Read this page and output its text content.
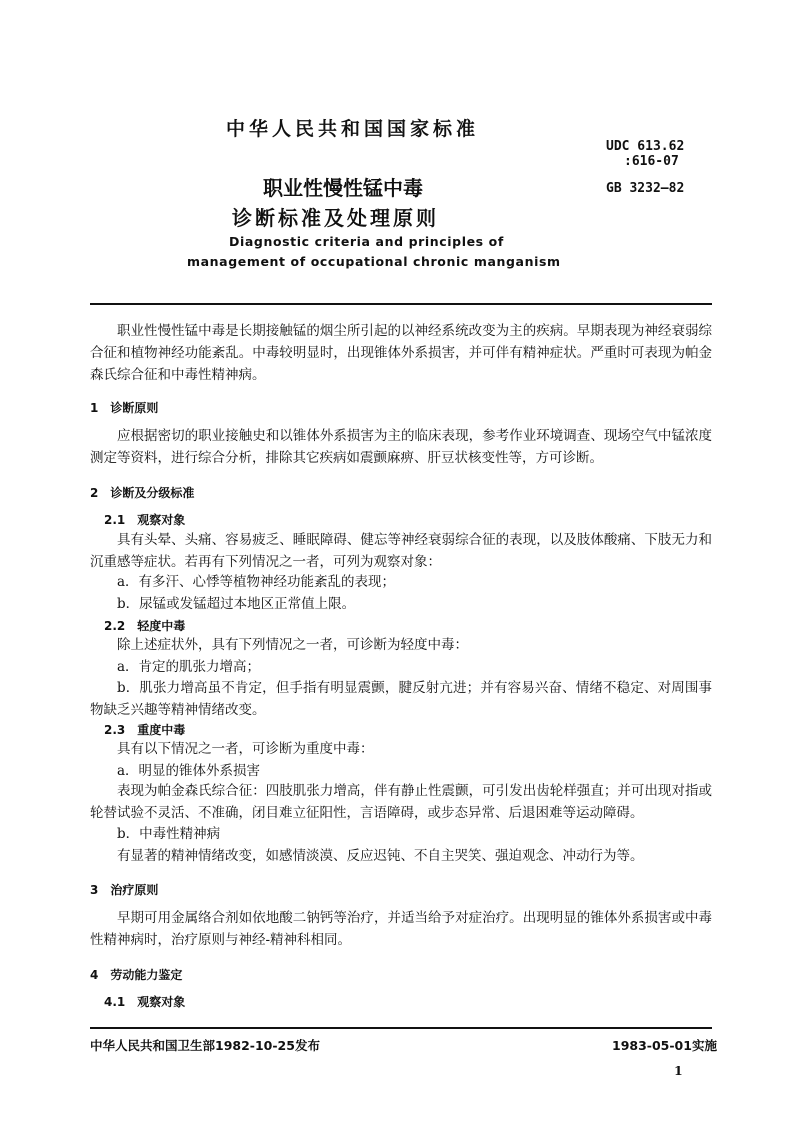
中华人民共和国国家标准
UDC 613.62
:616-07
GB 3232—82
职业性慢性锰中毒
诊断标准及处理原则
Diagnostic criteria and principles of
management of occupational chronic manganism
职业性慢性锰中毒是长期接触锰的烟尘所引起的以神经系统改变为主的疾病。早期表现为神经衰弱综合征和植物神经功能紊乱。中毒较明显时，出现锥体外系损害，并可伴有精神症状。严重时可表现为帕金森氏综合征和中毒性精神病。
1　诊断原则
应根据密切的职业接触史和以锥体外系损害为主的临床表现，参考作业环境调查、现场空气中锰浓度测定等资料，进行综合分析，排除其它疾病如震颤麻痹、肝豆状核变性等，方可诊断。
2　诊断及分级标准
2.1　观察对象
具有头晕、头痛、容易疲乏、睡眠障碍、健忘等神经衰弱综合征的表现，以及肢体酸痛、下肢无力和沉重感等症状。若再有下列情况之一者，可列为观察对象：
a．有多汗、心悸等植物神经功能紊乱的表现；
b．尿锰或发锰超过本地区正常值上限。
2.2　轻度中毒
除上述症状外，具有下列情况之一者，可诊断为轻度中毒：
a．肯定的肌张力增高；
b．肌张力增高虽不肯定，但手指有明显震颤，腱反射亢进；并有容易兴奋、情绪不稳定、对周围事物缺乏兴趣等精神情绪改变。
2.3　重度中毒
具有以下情况之一者，可诊断为重度中毒：
a．明显的锥体外系损害
表现为帕金森氏综合征：四肢肌张力增高，伴有静止性震颤，可引发出齿轮样强直；并可出现对指或轮替试验不灵活、不准确，闭目难立征阳性，言语障碍，或步态异常、后退困难等运动障碍。
b．中毒性精神病
有显著的精神情绪改变，如感情淡漠、反应迟钝、不自主哭笑、强迫观念、冲动行为等。
3　治疗原则
早期可用金属络合剂如依地酸二钠钙等治疗，并适当给予对症治疗。出现明显的锥体外系损害或中毒性精神病时，治疗原则与神经-精神科相同。
4　劳动能力鉴定
4.1　观察对象
中华人民共和国卫生部1982-10-25发布	1983-05-01实施
1
